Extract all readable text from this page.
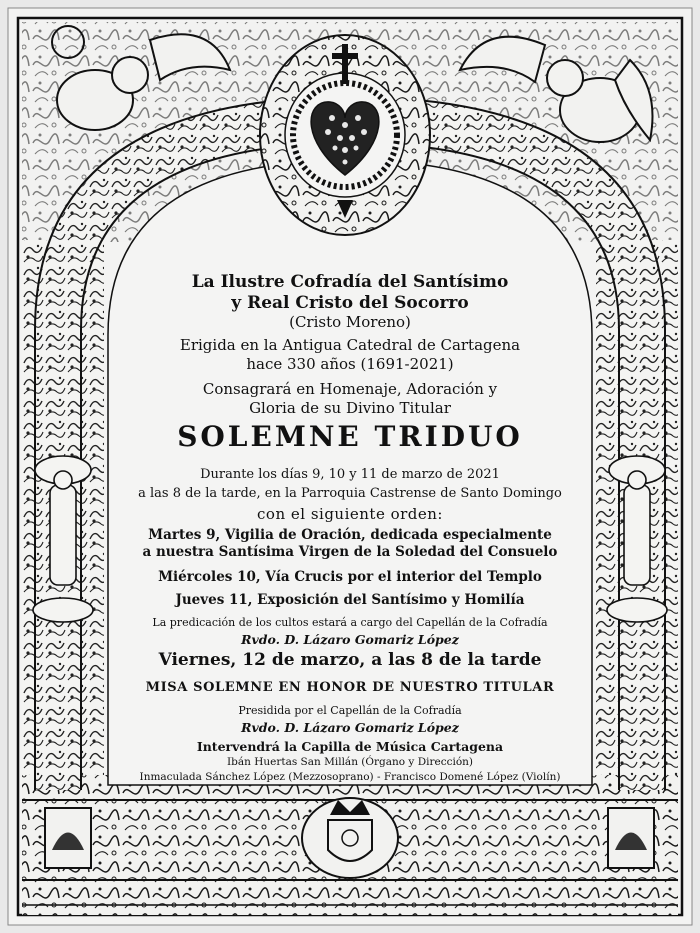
La Ilustre Cofradía del Santísimo
y Real Cristo del Socorro
(Cristo Moreno)
Erigida en la Antigua Catedral de Cartagena
hace 330 años (1691-2021)
Consagrará en Homenaje, Adoración y
Gloria de su Divino Titular
SOLEMNE TRIDUO
Durante los días 9, 10 y 11 de marzo de 2021
a las 8 de la tarde, en la Parroquia Castrense de Santo Domingo
con el siguiente orden:
Martes 9, Vigilia de Oración, dedicada especialmente
a nuestra Santísima Virgen de la Soledad del Consuelo
Miércoles 10, Vía Crucis por el interior del Templo
Jueves 11, Exposición del Santísimo y Homilía
La predicación de los cultos estará a cargo del Capellán de la Cofradía
Rvdo. D. Lázaro Gomariz López
Viernes, 12 de marzo, a las 8 de la tarde
MISA SOLEMNE EN HONOR DE NUESTRO TITULAR
Presidida por el Capellán de la Cofradía
Rvdo. D. Lázaro Gomariz López
Intervendrá la Capilla de Música Cartagena
Ibán Huertas San Millán (Órgano y Dirección)
Inmaculada Sánchez López (Mezzosoprano) - Francisco Domené López (Violín)
